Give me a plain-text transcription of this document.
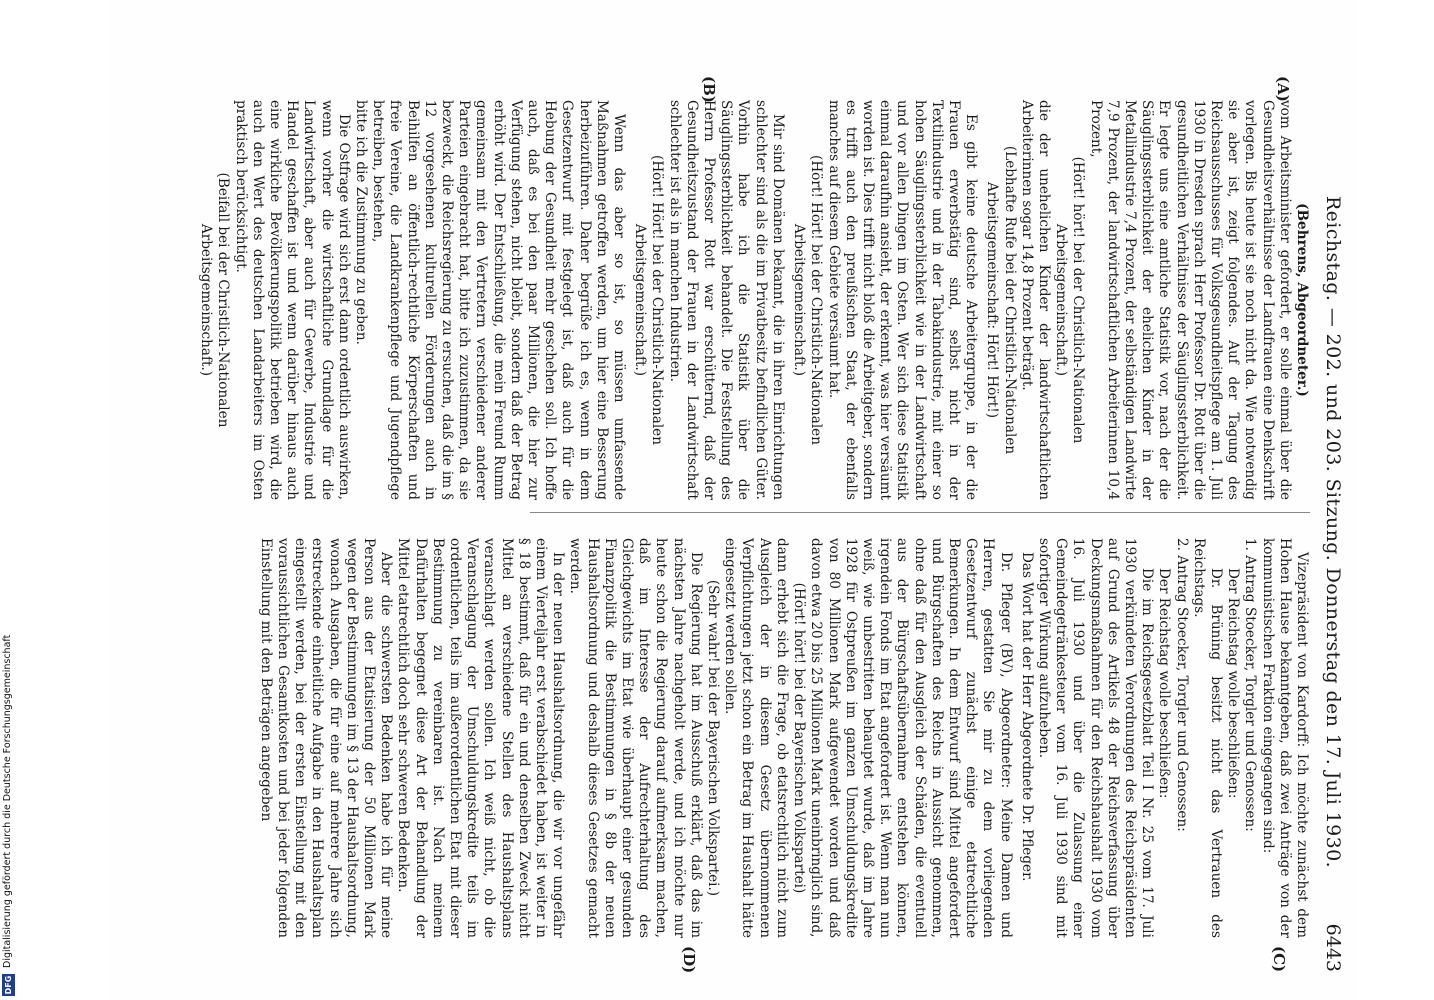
Reichstag. — 202. und 203. Sitzung. Donnerstag den 17. Juli 1930.
6443
(A)
(B)
(C)
(D)

(Behrens, Abgeordneter.)

vom Arbeitsminister gefordert, er solle einmal über die Gesundheitsverhältnisse der Landfrauen eine Denkschrift vorlegen. Bis heute ist sie noch nicht da. Wie notwendig sie aber ist, zeigt folgendes. Auf der Tagung des Reichsausschusses für Volksgesundheitspflege am 1. Juli 1930 in Dresden sprach Herr Professor Dr. Rott über die gesundheitlichen Verhältnisse der Säuglingssterblichkeit. Er legte uns eine amtliche Statistik vor, nach der die Säuglingssterblichkeit der ehelichen Kinder in der Metallindustrie 7,4 Prozent, der selbständigen Landwirte 7,9 Prozent, der landwirtschaftlichen Arbeiterinnen 10,4 Prozent,

(Hört! hört! bei der Christlich-Nationalen Arbeitsgemeinschaft.)

die der unehelichen Kinder der landwirtschaftlichen Arbeiterinnen sogar 14,8 Prozent beträgt.

(Lebhafte Rufe bei der Christlich-Nationalen Arbeitsgemeinschaft: Hört! Hört!)

Es gibt keine deutsche Arbeitergruppe, in der die Frauen erwerbstätig sind, selbst nicht in der Textilindustrie und in der Tabakindustrie, mit einer so hohen Säuglingssterblichkeit wie in der Landwirtschaft und vor allen Dingen im Osten. Wer sich diese Statistik einmal daraufhin ansieht, der erkennt, was hier versäumt worden ist. Dies trifft nicht bloß die Arbeitgeber, sondern es trifft auch den preußischen Staat, der ebenfalls manches auf diesem Gebiete versäumt hat.

(Hört! Hört! bei der Christlich-Nationalen Arbeitsgemeinschaft.)

Mir sind Domänen bekannt, die in ihren Einrichtungen schlechter sind als die im Privatbesitz befindlichen Güter. Vorhin habe ich die Statistik über die Säuglingssterblichkeit behandelt. Die Feststellung des Herrn Professor Rott war erschütternd, daß der Gesundheitszustand der Frauen in der Landwirtschaft schlechter ist als in manchen Industrien.

(Hört! Hört! bei der Christlich-Nationalen Arbeitsgemeinschaft.)

Wenn das aber so ist, so müssen umfassende Maßnahmen getroffen werden, um hier eine Besserung herbeizuführen. Daher begrüße ich es, wenn in dem Gesetzentwurf mit festgelegt ist, daß auch für die Hebung der Gesundheit mehr geschehen soll. Ich hoffe auch, daß es bei den paar Millionen, die hier zur Verfügung stehen, nicht bleibt, sondern daß der Betrag erhöht wird. Der Entschließung, die mein Freund Rumm gemeinsam mit den Vertretern verschiedener anderer Parteien eingebracht hat, bitte ich zuzustimmen, da sie bezweckt, die Reichsregierung zu ersuchen, daß die im § 12 vorgesehenen kulturellen Förderungen auch in Beihilfen an öffentlich-rechtliche Körperschaften und freie Vereine, die Landkrankenpflege und Jugendpflege betreiben, bestehen,

bitte ich die Zustimmung zu geben.

Die Ostfrage wird sich erst dann ordentlich auswirken, wenn vorher die wirtschaftliche Grundlage für die Landwirtschaft, aber auch für Gewerbe, Industrie und Handel geschaffen ist und wenn darüber hinaus auch eine wirkliche Bevölkerungspolitik betrieben wird, die auch den Wert des deutschen Landarbeiters im Osten praktisch berücksichtigt.

(Beifall bei der Christlich-Nationalen Arbeitsgemeinschaft.)

Vizepräsident von Kardorff: Ich möchte zunächst dem Hohen Hause bekanntgeben, daß zwei Anträge von der kommunistischen Fraktion eingegangen sind:

1. Antrag Stoecker, Torgler und Genossen:

Der Reichstag wolle beschließen:

Dr. Brüning besitzt nicht das Vertrauen des Reichstags.

2. Antrag Stoecker, Torgler und Genossen:

Der Reichstag wolle beschließen:

Die im Reichsgesetzblatt Teil I Nr. 25 vom 17. Juli 1930 verkündeten Verordnungen des Reichspräsidenten auf Grund des Artikels 48 der Reichsverfassung über Deckungsmaßnahmen für den Reichshaushalt 1930 vom 16. Juli 1930 und über die Zulassung einer Gemeindegetränkesteuer vom 16. Juli 1930 sind mit sofortiger Wirkung aufzuheben.

Das Wort hat der Herr Abgeordnete Dr. Pfleger.

Dr. Pfleger (BV), Abgeordneter: Meine Damen und Herren, gestatten Sie mir zu dem vorliegenden Gesetzentwurf zunächst einige etatrechtliche Bemerkungen. In dem Entwurf sind Mittel angefordert und Bürgschaften des Reichs in Aussicht genommen, ohne daß für den Ausgleich der Schäden, die eventuell aus der Bürgschaftsübernahme entstehen können, irgendein Fonds im Etat angefordert ist. Wenn man nun weiß, wie unbestritten behauptet wurde, daß im Jahre 1928 für Ostpreußen im ganzen Umschuldungskredite von 80 Millionen Mark aufgewendet worden und daß davon etwa 20 bis 25 Millionen Mark uneinbringlich sind,

(Hört! hört! bei der Bayerischen Volkspartei)

dann erhebt sich die Frage, ob etatsrechtlich nicht zum Ausgleich der in diesem Gesetz übernommenen Verpflichtungen jetzt schon ein Betrag im Haushalt hätte eingesetzt werden sollen.

(Sehr wahr! bei der Bayerischen Volkspartei.)

Die Regierung hat im Ausschuß erklärt, daß das im nächsten Jahre nachgeholt werde, und ich möchte nur heute schon die Regierung darauf aufmerksam machen, daß im Interesse der Aufrechterhaltung des Gleichgewichts im Etat wie überhaupt einer gesunden Finanzpolitik die Bestimmungen in § 8b der neuen Haushaltsordnung und deshalb dieses Gesetzes gemacht werden.

In der neuen Haushaltsordnung, die wir vor ungefähr einem Vierteljahr erst verabschiedet haben, ist weiter in § 18 bestimmt, daß für ein und denselben Zweck nicht Mittel an verschiedene Stellen des Haushaltsplans veranschlagt werden sollen. Ich weiß nicht, ob die Veranschlagung der Umschuldungskredite teils im ordentlichen, teils im außerordentlichen Etat mit dieser Bestimmung zu vereinbaren ist. Nach meinem Dafürhalten begegnet diese Art der Behandlung der Mittel etatrechtlich doch sehr schweren Bedenken.

Aber die schwersten Bedenken habe ich für meine Person aus der Etatisierung der 50 Millionen Mark wegen der Bestimmungen im § 13 der Haushaltsordnung, wonach Ausgaben, die für eine auf mehrere Jahre sich erstreckende einheitliche Aufgabe in den Haushaltsplan eingestellt werden, bei der ersten Einstellung mit den voraussichtlichen Gesamtkosten und bei jeder folgenden Einstellung mit den Beträgen angegeben

DFG
Digitalisierung gefördert durch die Deutsche Forschungsgemeinschaft
